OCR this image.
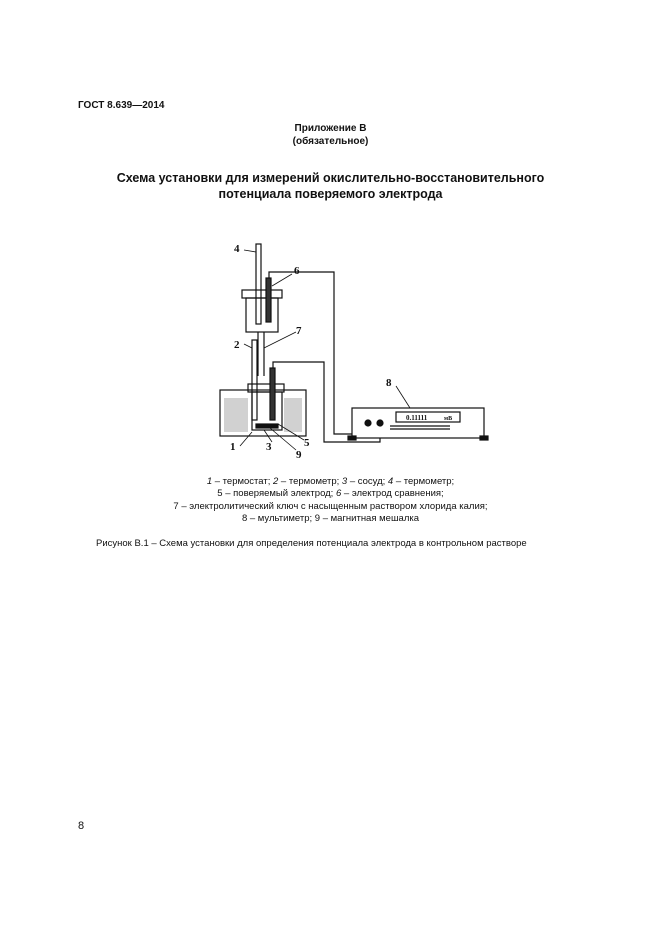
ГОСТ 8.639—2014
Приложение В
(обязательное)
Схема установки для измерений окислительно-восстановительного
потенциала поверяемого электрода
0.11111	мВ
4
6
7
2
1	3	5
9
8
1 – термостат; 2 – термометр; 3 – сосуд; 4 – термометр;
5 – поверяемый электрод; 6 – электрод сравнения;
7 – электролитический ключ с насыщенным раствором хлорида калия;
8 – мультиметр; 9 – магнитная мешалка
Рисунок В.1 – Схема установки для определения потенциала электрода в контрольном растворе
8
